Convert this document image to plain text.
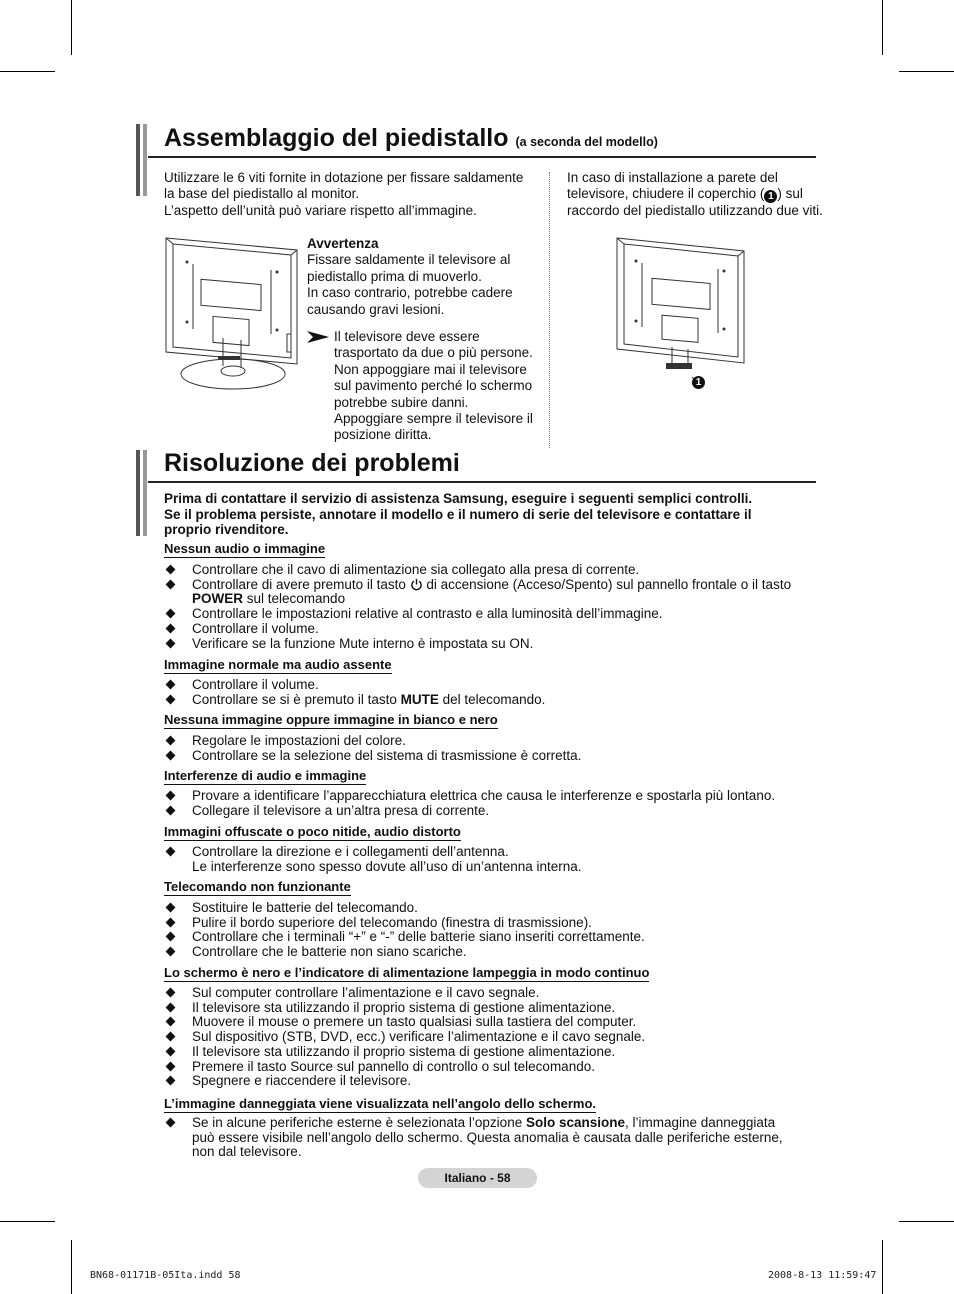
Assemblaggio del piedistallo (a seconda del modello)

Utilizzare le 6 viti fornite in dotazione per fissare saldamente

la base del piedistallo al monitor.

L’aspetto dell’unità può variare rispetto all’immagine.

In caso di installazione a parete del

televisore, chiudere il coperchio ( 1 ) sul

raccordo del piedistallo utilizzando due viti.

Avvertenza

Fissare saldamente il televisore al

piedistallo prima di muoverlo.

In caso contrario, potrebbe cadere

causando gravi lesioni.

Il televisore deve essere

trasportato da due o più persone.

Non appoggiare mai il televisore

sul pavimento perché lo schermo

potrebbe subire danni.

Appoggiare sempre il televisore il

posizione diritta.

1
Risoluzione dei problemi

Prima di contattare il servizio di assistenza Samsung, eseguire i seguenti semplici controlli.

Se il problema persiste, annotare il modello e il numero di serie del televisore e contattare il

proprio rivenditore.

Nessun audio o immagine
Controllare che il cavo di alimentazione sia collegato alla presa di corrente.
Controllare di avere premuto il tasto  di accensione (Acceso/Spento) sul pannello frontale o il tasto
POWER sul telecomando
Controllare le impostazioni relative al contrasto e alla luminosità dell’immagine.
Controllare il volume.
Verificare se la funzione Mute interno è impostata su ON.
Immagine normale ma audio assente
Controllare il volume.
Controllare se si è premuto il tasto MUTE del telecomando.
Nessuna immagine oppure immagine in bianco e nero
Regolare le impostazioni del colore.
Controllare se la selezione del sistema di trasmissione è corretta.
Interferenze di audio e immagine
Provare a identificare l’apparecchiatura elettrica che causa le interferenze e spostarla più lontano.
Collegare il televisore a un’altra presa di corrente.
Immagini offuscate o poco nitide, audio distorto
Controllare la direzione e i collegamenti dell’antenna.
Le interferenze sono spesso dovute all’uso di un’antenna interna.
Telecomando non funzionante
Sostituire le batterie del telecomando.
Pulire il bordo superiore del telecomando (finestra di trasmissione).
Controllare che i terminali “+” e “-” delle batterie siano inseriti correttamente.
Controllare che le batterie non siano scariche.
Lo schermo è nero e l’indicatore di alimentazione lampeggia in modo continuo
Sul computer controllare l’alimentazione e il cavo segnale.
Il televisore sta utilizzando il proprio sistema di gestione alimentazione.
Muovere il mouse o premere un tasto qualsiasi sulla tastiera del computer.
Sul dispositivo (STB, DVD, ecc.) verificare l’alimentazione e il cavo segnale.
Il televisore sta utilizzando il proprio sistema di gestione alimentazione.
Premere il tasto Source sul pannello di controllo o sul telecomando.
Spegnere e riaccendere il televisore.
L’immagine danneggiata viene visualizzata nell’angolo dello schermo.
Se in alcune periferiche esterne è selezionata l’opzione Solo scansione, l’immagine danneggiata
può essere visibile nell’angolo dello schermo. Questa anomalia è causata dalle periferiche esterne,
non dal televisore.
Italiano - 58
BN68-01171B-05Ita.indd 58	2008-8-13 11:59:47
